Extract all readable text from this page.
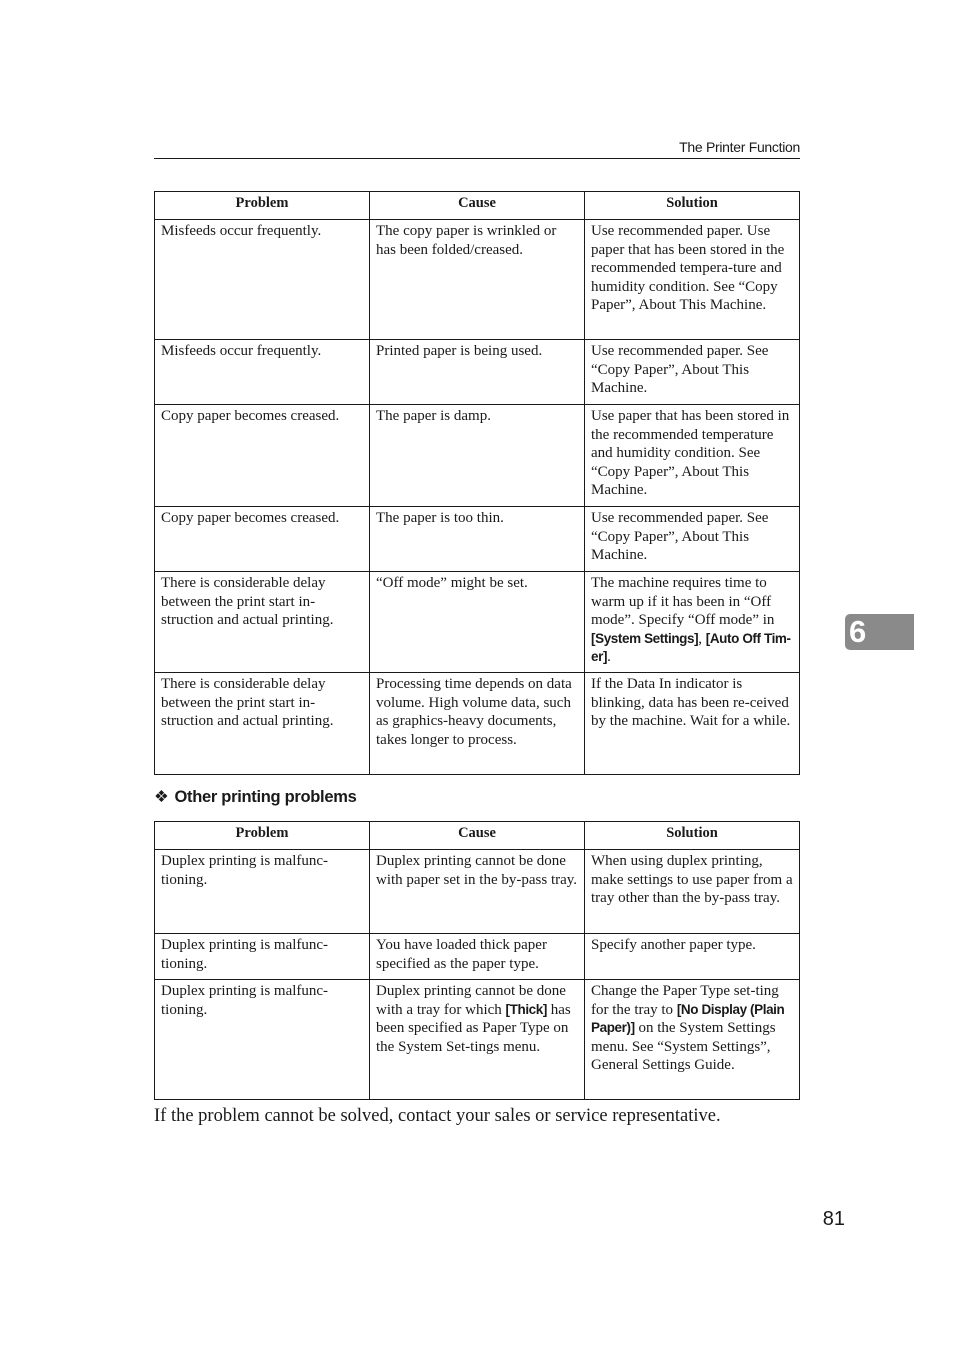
The Printer Function
Problem	Cause	Solution
Misfeeds occur frequently.	The copy paper is wrinkled or has been folded/creased.	Use recommended paper. Use paper that has been stored in the recommended tempera-ture and humidity condition. See “Copy Paper”, About This Machine.
Misfeeds occur frequently.	Printed paper is being used.	Use recommended paper. See “Copy Paper”, About This Machine.
Copy paper becomes creased.	The paper is damp.	Use paper that has been stored in the recommended temperature and humidity condition. See “Copy Paper”, About This Machine.
Copy paper becomes creased.	The paper is too thin.	Use recommended paper. See “Copy Paper”, About This Machine.
There is considerable delay between the print start in-struction and actual printing.	“Off mode” might be set.	The machine requires time to warm up if it has been in “Off mode”. Specify “Off mode” in [System Settings], [Auto Off Tim-er].
There is considerable delay between the print start in-struction and actual printing.	Processing time depends on data volume. High volume data, such as graphics-heavy documents, takes longer to process.	If the Data In indicator is blinking, data has been re-ceived by the machine. Wait for a while.
❖ Other printing problems
Problem	Cause	Solution
Duplex printing is malfunc-tioning.	Duplex printing cannot be done with paper set in the by-pass tray.	When using duplex printing, make settings to use paper from a tray other than the by-pass tray.
Duplex printing is malfunc-tioning.	You have loaded thick paper specified as the paper type.	Specify another paper type.
Duplex printing is malfunc-tioning.	Duplex printing cannot be done with a tray for which [Thick] has been specified as Paper Type on the System Set-tings menu.	Change the Paper Type set-ting for the tray to [No Display (Plain Paper)] on the System Settings menu. See “System Settings”, General Settings Guide.
If the problem cannot be solved, contact your sales or service representative.
6
81
